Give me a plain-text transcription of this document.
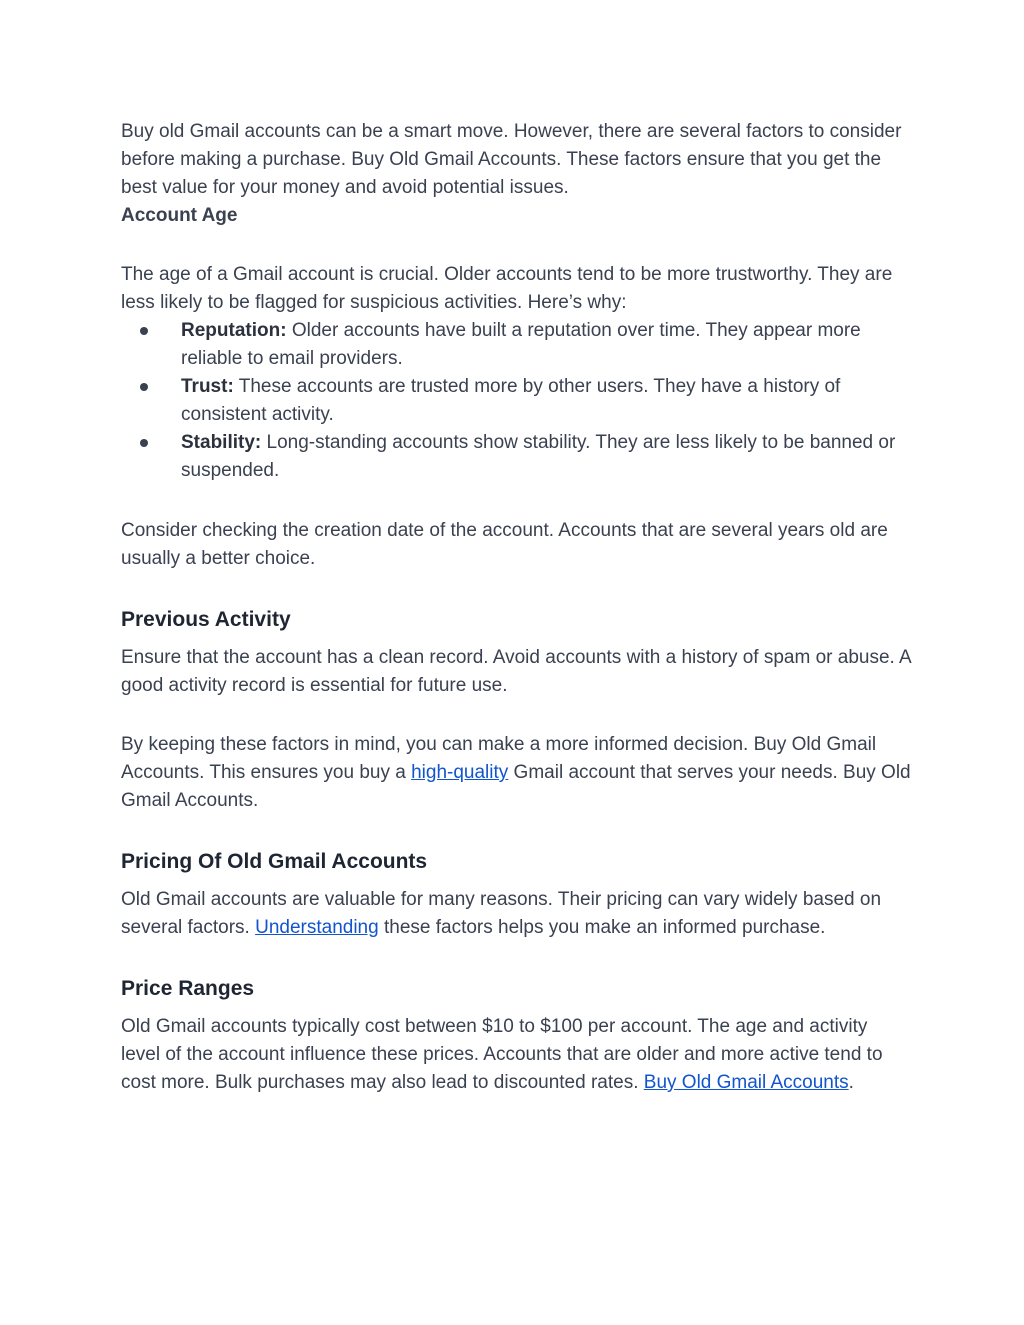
Buy old Gmail accounts can be a smart move. However, there are several factors to consider before making a purchase. Buy Old Gmail Accounts. These factors ensure that you get the best value for your money and avoid potential issues.

Account Age

The age of a Gmail account is crucial. Older accounts tend to be more trustworthy. They are less likely to be flagged for suspicious activities. Here’s why:

Reputation: Older accounts have built a reputation over time. They appear more reliable to email providers.
Trust: These accounts are trusted more by other users. They have a history of consistent activity.
Stability: Long-standing accounts show stability. They are less likely to be banned or suspended.

Consider checking the creation date of the account. Accounts that are several years old are usually a better choice.

Previous Activity

Ensure that the account has a clean record. Avoid accounts with a history of spam or abuse. A good activity record is essential for future use.

By keeping these factors in mind, you can make a more informed decision. Buy Old Gmail Accounts. This ensures you buy a high-quality Gmail account that serves your needs. Buy Old Gmail Accounts.

Pricing Of Old Gmail Accounts

Old Gmail accounts are valuable for many reasons. Their pricing can vary widely based on several factors. Understanding these factors helps you make an informed purchase.

Price Ranges

Old Gmail accounts typically cost between $10 to $100 per account. The age and activity level of the account influence these prices. Accounts that are older and more active tend to cost more. Bulk purchases may also lead to discounted rates. Buy Old Gmail Accounts.
